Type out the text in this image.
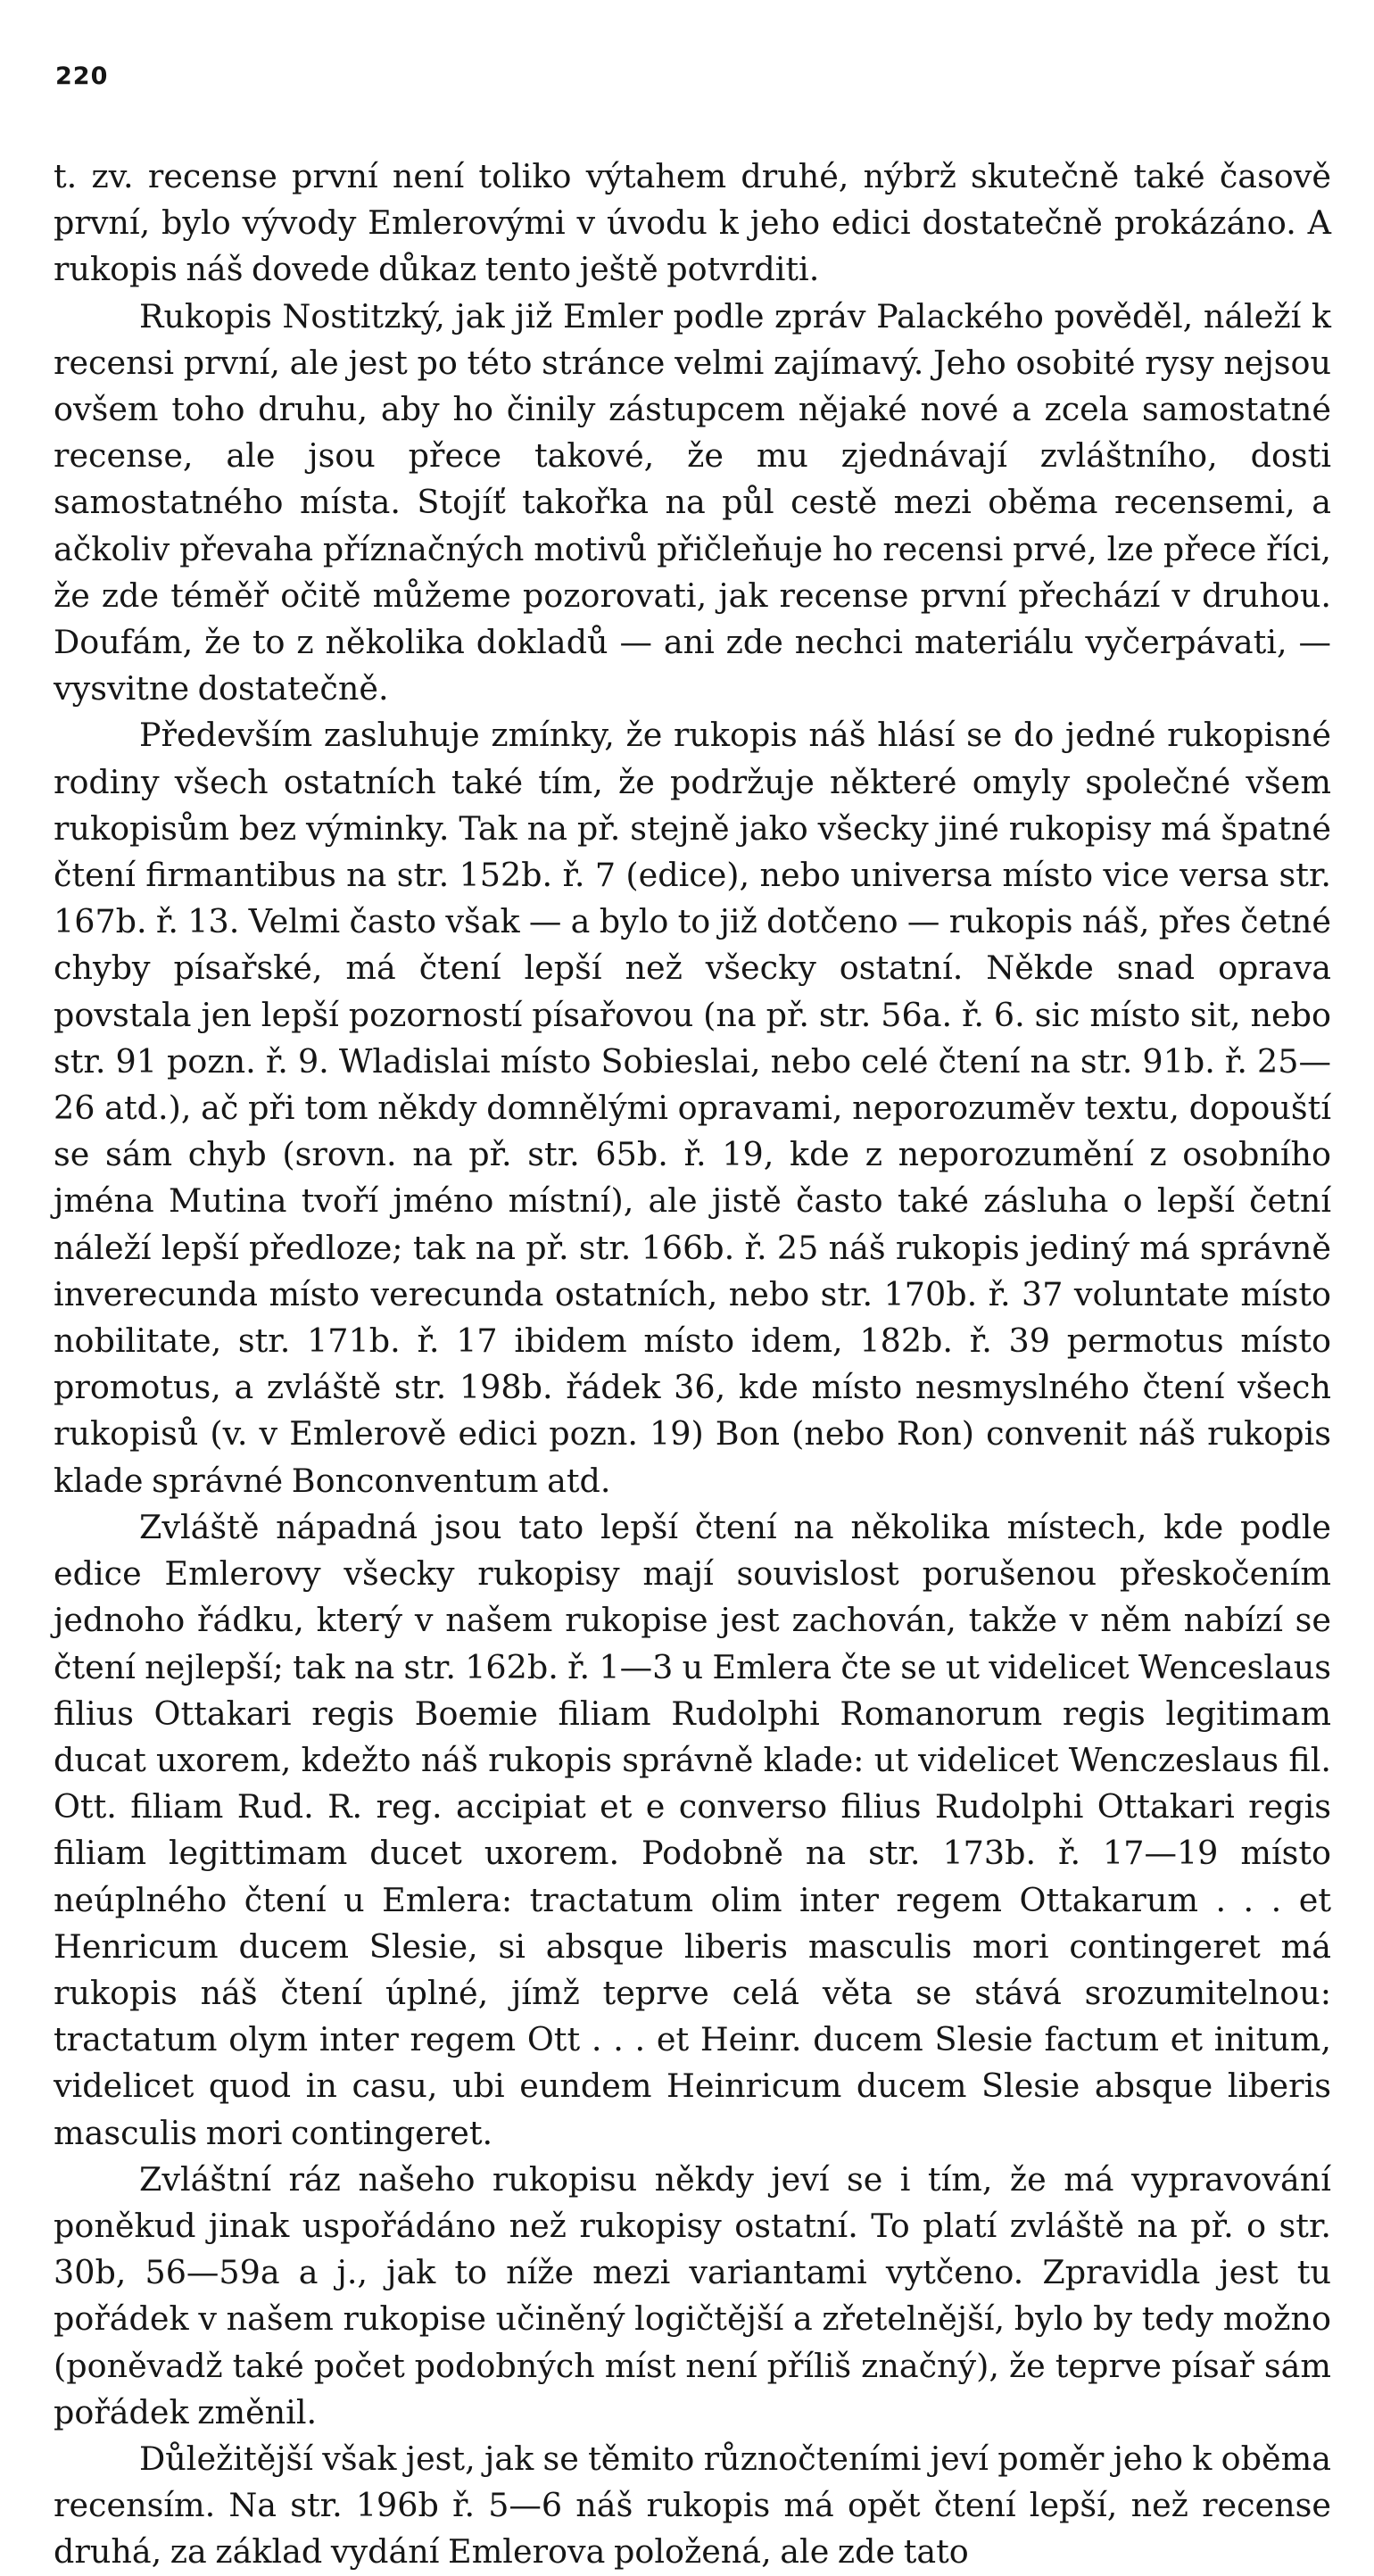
220

t. zv. recense první není toliko výtahem druhé, nýbrž skutečně také časově první, bylo vývody Emlerovými v úvodu k jeho edici dostatečně prokázáno. A rukopis náš dovede důkaz tento ještě potvrditi.

Rukopis Nostitzký, jak již Emler podle zpráv Palackého pověděl, náleží k recensi první, ale jest po této stránce velmi zajímavý. Jeho osobité rysy nejsou ovšem toho druhu, aby ho činily zástupcem nějaké nové a zcela samostatné recense, ale jsou přece takové, že mu zjednávají zvláštního, dosti samostatného místa. Stojíť takořka na půl cestě mezi oběma recensemi, a ačkoliv převaha příznačných motivů přičleňuje ho recensi prvé, lze přece říci, že zde téměř očitě můžeme pozorovati, jak recense první přechází v druhou. Doufám, že to z několika dokladů — ani zde nechci materiálu vyčerpávati, — vysvitne dostatečně.

Především zasluhuje zmínky, že rukopis náš hlásí se do jedné rukopisné rodiny všech ostatních také tím, že podržuje některé omyly společné všem rukopisům bez výminky. Tak na př. stejně jako všecky jiné rukopisy má špatné čtení firmantibus na str. 152b. ř. 7 (edice), nebo universa místo vice versa str. 167b. ř. 13. Velmi často však — a bylo to již dotčeno — rukopis náš, přes četné chyby písařské, má čtení lepší než všecky ostatní. Někde snad oprava povstala jen lepší pozorností písařovou (na př. str. 56a. ř. 6. sic místo sit, nebo str. 91 pozn. ř. 9. Wladislai místo Sobieslai, nebo celé čtení na str. 91b. ř. 25—26 atd.), ač při tom někdy domnělými opravami, neporozuměv textu, dopouští se sám chyb (srovn. na př. str. 65b. ř. 19, kde z neporozumění z osobního jména Mutina tvoří jméno místní), ale jistě často také zásluha o lepší četní náleží lepší předloze; tak na př. str. 166b. ř. 25 náš rukopis jediný má správně inverecunda místo verecunda ostatních, nebo str. 170b. ř. 37 voluntate místo nobilitate, str. 171b. ř. 17 ibidem místo idem, 182b. ř. 39 permotus místo promotus, a zvláště str. 198b. řádek 36, kde místo nesmyslného čtení všech rukopisů (v. v Emlerově edici pozn. 19) Bon (nebo Ron) convenit náš rukopis klade správné Bonconventum atd.

Zvláště nápadná jsou tato lepší čtení na několika místech, kde podle edice Emlerovy všecky rukopisy mají souvislost porušenou přeskočením jednoho řádku, který v našem rukopise jest zachován, takže v něm nabízí se čtení nejlepší; tak na str. 162b. ř. 1—3 u Emlera čte se ut videlicet Wenceslaus filius Ottakari regis Boemie filiam Rudolphi Romanorum regis legitimam ducat uxorem, kdežto náš rukopis správně klade: ut videlicet Wenczeslaus fil. Ott. filiam Rud. R. reg. accipiat et e converso filius Rudolphi Ottakari regis filiam legittimam ducet uxorem. Podobně na str. 173b. ř. 17—19 místo neúplného čtení u Emlera: tractatum olim inter regem Ottakarum . . . et Henricum ducem Slesie, si absque liberis masculis mori contingeret má rukopis náš čtení úplné, jímž teprve celá věta se stává srozumitelnou: tractatum olym inter regem Ott . . . et Heinr. ducem Slesie factum et initum, videlicet quod in casu, ubi eundem Heinricum ducem Slesie absque liberis masculis mori contingeret.

Zvláštní ráz našeho rukopisu někdy jeví se i tím, že má vypravování poněkud jinak uspořádáno než rukopisy ostatní. To platí zvláště na př. o str. 30b, 56—59a a j., jak to níže mezi variantami vytčeno. Zpravidla jest tu pořádek v našem rukopise učiněný logičtější a zřetelnější, bylo by tedy možno (poněvadž také počet podobných míst není příliš značný), že teprve písař sám pořádek změnil.

Důležitější však jest, jak se těmito různočteními jeví poměr jeho k oběma recensím. Na str. 196b ř. 5—6 náš rukopis má opět čtení lepší, než recense druhá, za základ vydání Emlerova položená, ale zde tato
